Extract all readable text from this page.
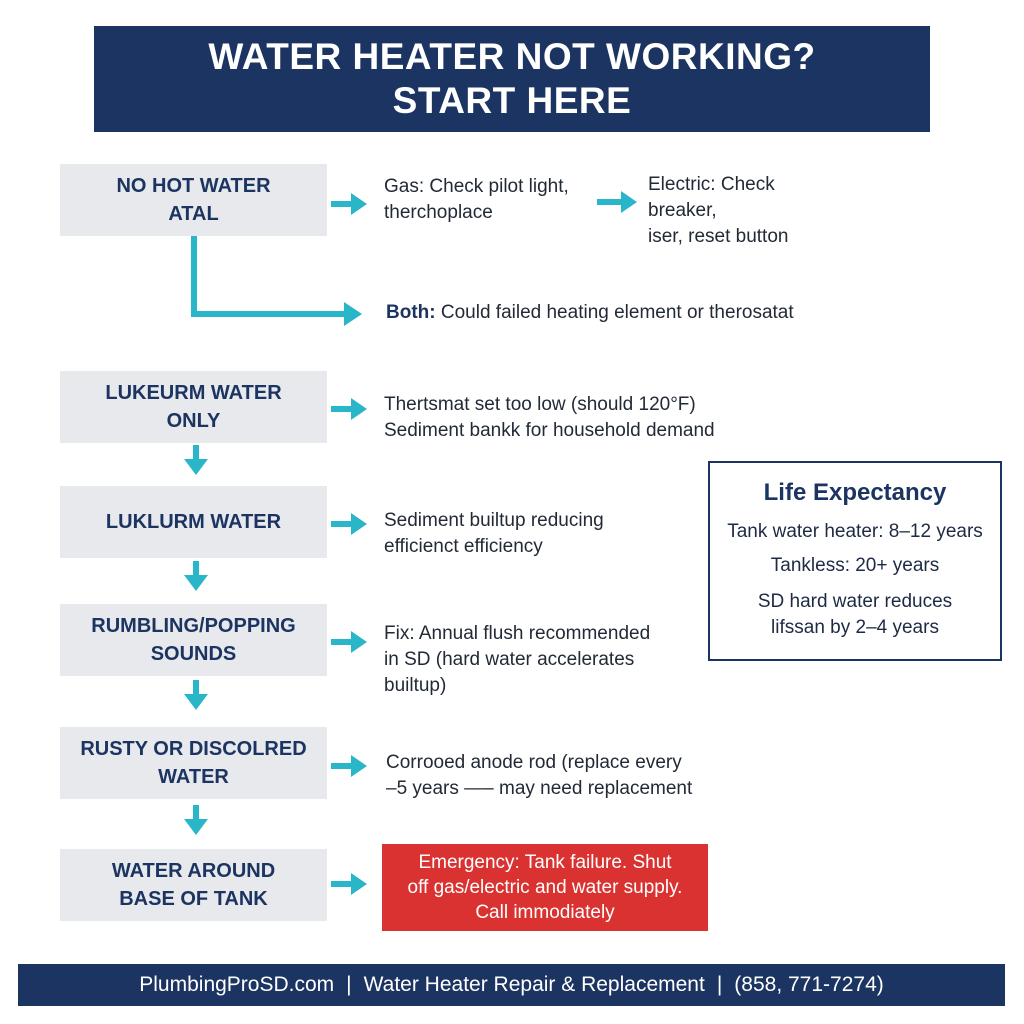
WATER HEATER NOT WORKING?
START HERE
NO HOT WATER
ATAL
Gas: Check pilot light,
therchoplace
Electric: Check
breaker,
iser, reset button
Both: Could failed heating element or therosatat
LUKEURM WATER
ONLY
Thertsmat set too low (should 120°F)
Sediment bankk for household demand
LUKLURM WATER	Sediment builtup reducing
efficienct efficiency
RUMBLING/POPPING
SOUNDS
Fix: Annual flush recommended
in SD (hard water accelerates
builtup)
RUSTY OR DISCOLRED
WATER
Corrooed anode rod (replace every
–5 years —– may need replacement
WATER AROUND
BASE OF TANK
Emergency: Tank failure. Shut
off gas/electric and water supply.
Call immodiately
Life Expectancy
Tank water heater: 8–12 years
Tankless: 20+ years
SD hard water reduces
lifssan by 2–4 years
PlumbingProSD.com | Water Heater Repair & Replacement | (858, 771-7274)
